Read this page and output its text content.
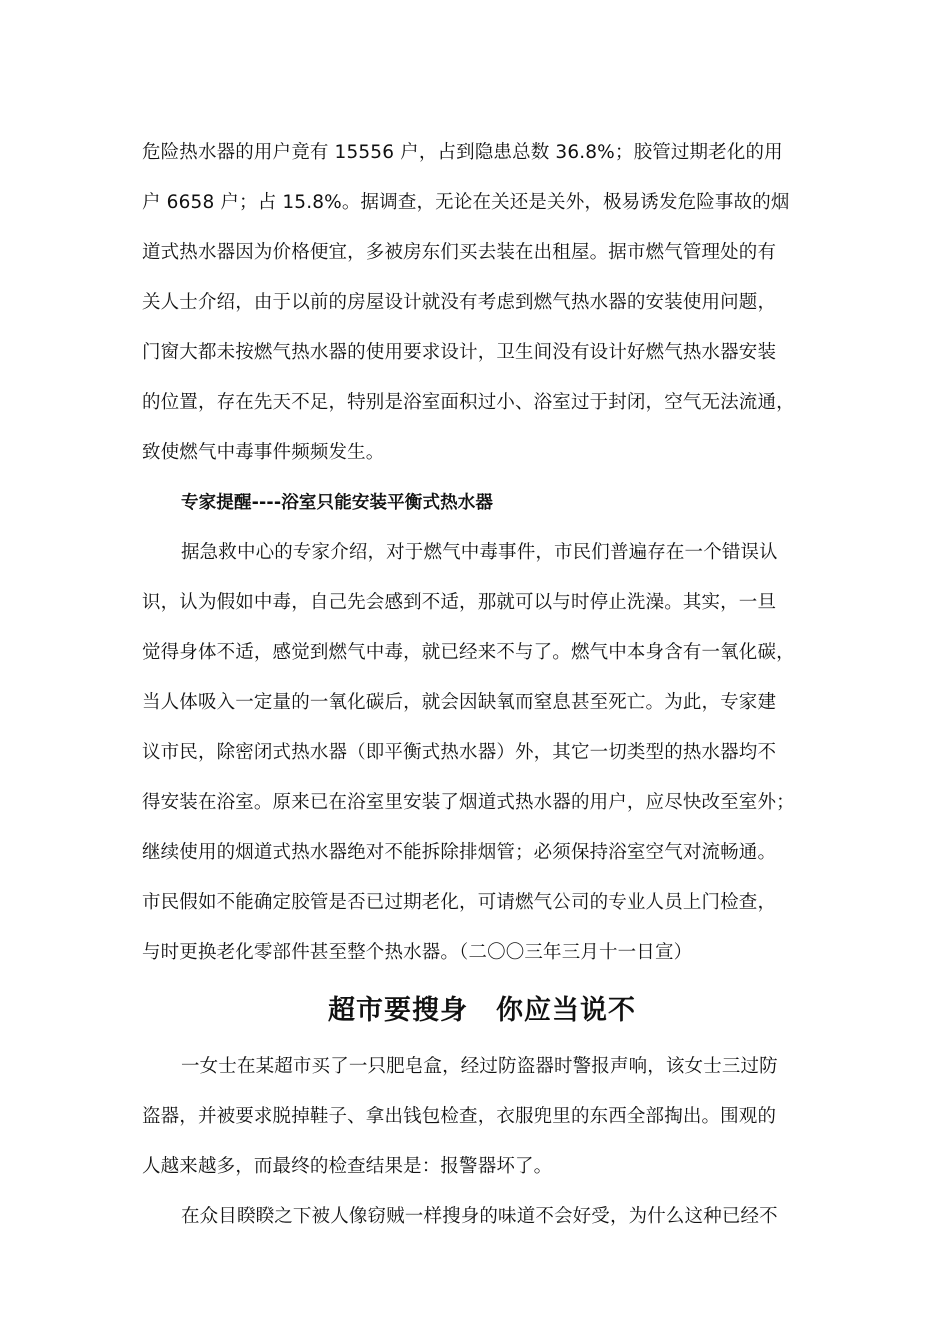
危险热水器的用户竟有 15556 户，占到隐患总数 36.8%；胶管过期老化的用
户 6658 户；占 15.8%。据调查，无论在关还是关外，极易诱发危险事故的烟
道式热水器因为价格便宜，多被房东们买去装在出租屋。据市燃气管理处的有
关人士介绍，由于以前的房屋设计就没有考虑到燃气热水器的安装使用问题，
门窗大都未按燃气热水器的使用要求设计，卫生间没有设计好燃气热水器安装
的位置，存在先天不足，特别是浴室面积过小、浴室过于封闭，空气无法流通，
致使燃气中毒事件频频发生。
专家提醒----浴室只能安装平衡式热水器
据急救中心的专家介绍，对于燃气中毒事件，市民们普遍存在一个错误认
识，认为假如中毒，自己先会感到不适，那就可以与时停止洗澡。其实，一旦
觉得身体不适，感觉到燃气中毒，就已经来不与了。燃气中本身含有一氧化碳，
当人体吸入一定量的一氧化碳后，就会因缺氧而窒息甚至死亡。为此，专家建
议市民，除密闭式热水器（即平衡式热水器）外，其它一切类型的热水器均不
得安装在浴室。原来已在浴室里安装了烟道式热水器的用户，应尽快改至室外；
继续使用的烟道式热水器绝对不能拆除排烟管；必须保持浴室空气对流畅通。
市民假如不能确定胶管是否已过期老化，可请燃气公司的专业人员上门检查，
与时更换老化零部件甚至整个热水器。（二〇〇三年三月十一日宣）
超市要搜身　你应当说不
一女士在某超市买了一只肥皂盒，经过防盗器时警报声响，该女士三过防
盗器，并被要求脱掉鞋子、拿出钱包检查，衣服兜里的东西全部掏出。围观的
人越来越多，而最终的检查结果是：报警器坏了。
在众目睽睽之下被人像窃贼一样搜身的味道不会好受，为什么这种已经不
